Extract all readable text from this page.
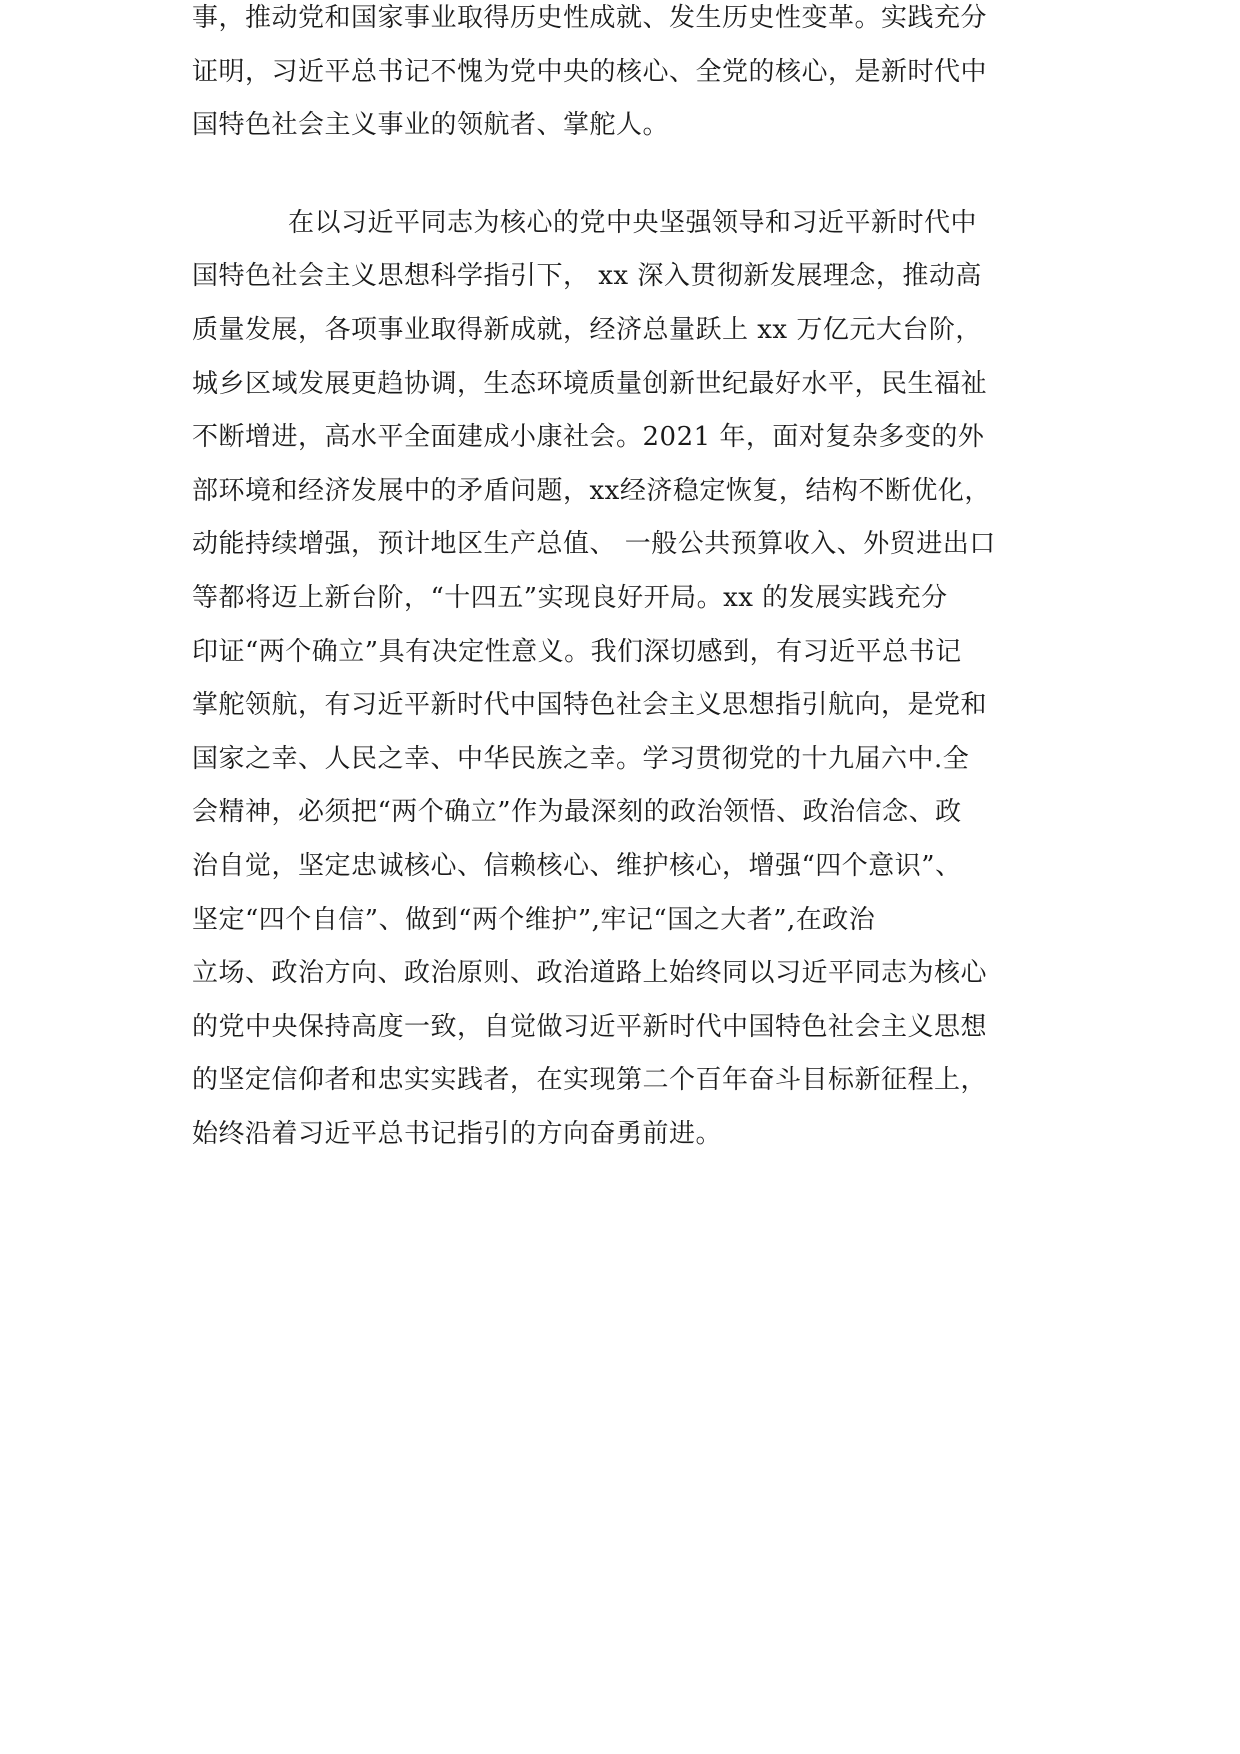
事，推动党和国家事业取得历史性成就、发生历史性变革。实践充分
证明，习近平总书记不愧为党中央的核心、全党的核心，是新时代中
国特色社会主义事业的领航者、掌舵人。
在以习近平同志为核心的党中央坚强领导和习近平新时代中
国特色社会主义思想科学指引下， xx 深入贯彻新发展理念，推动高
质量发展，各项事业取得新成就，经济总量跃上 xx 万亿元大台阶，
城乡区域发展更趋协调，生态环境质量创新世纪最好水平，民生福祉
不断增进，高水平全面建成小康社会。2021 年，面对复杂多变的外
部环境和经济发展中的矛盾问题，xx经济稳定恢复，结构不断优化，
动能持续增强，预计地区生产总值、 一般公共预算收入、外贸进出口
等都将迈上新台阶，“十四五”实现良好开局。xx 的发展实践充分
印证“两个确立”具有决定性意义。我们深切感到，有习近平总书记
掌舵领航，有习近平新时代中国特色社会主义思想指引航向，是党和
国家之幸、人民之幸、中华民族之幸。学习贯彻党的十九届六中.全
会精神，必须把“两个确立”作为最深刻的政治领悟、政治信念、政
治自觉，坚定忠诚核心、信赖核心、维护核心，增强“四个意识”、
坚定“四个自信”、做到“两个维护”,牢记“国之大者”,在政治
立场、政治方向、政治原则、政治道路上始终同以习近平同志为核心
的党中央保持高度一致，自觉做习近平新时代中国特色社会主义思想
的坚定信仰者和忠实实践者，在实现第二个百年奋斗目标新征程上，
始终沿着习近平总书记指引的方向奋勇前进。
